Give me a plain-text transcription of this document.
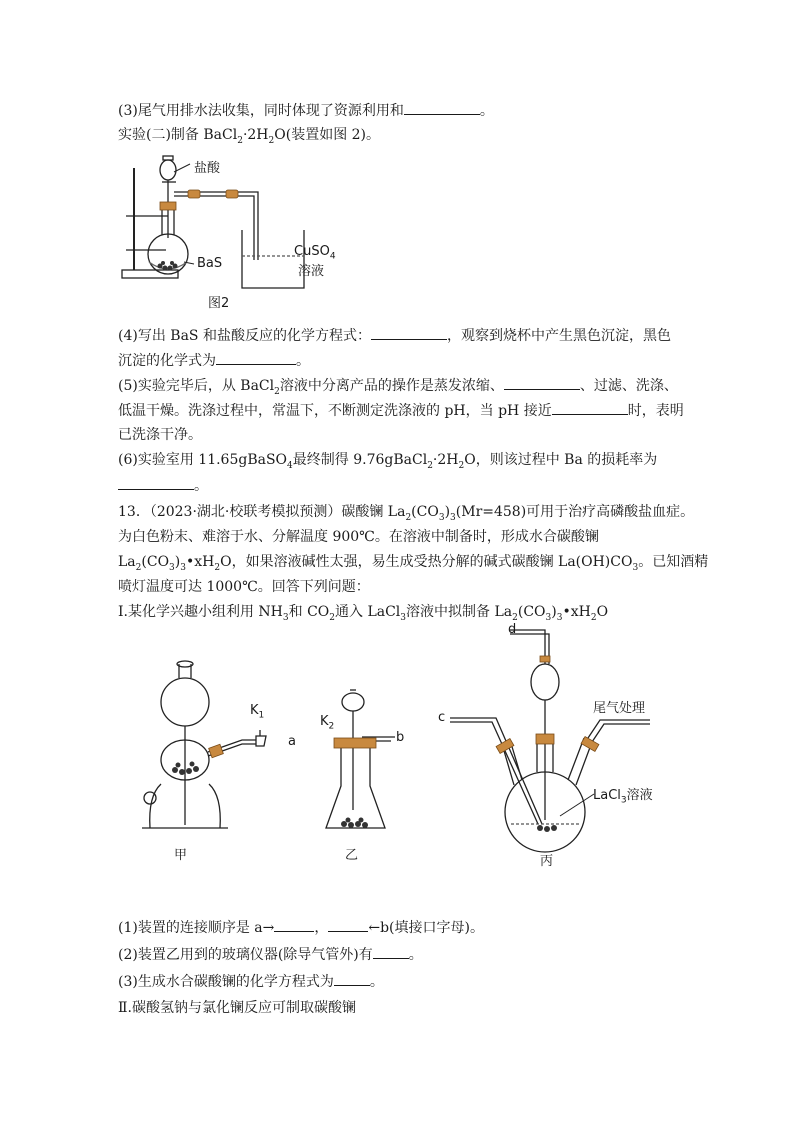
(3)尾气用排水法收集，同时体现了资源利用和	。
实验(二)制备 $BaCl_2\cdot 2H_2O$(装置如图 2)。
盐酸
BaS
CuSO$_4$
溶液
图2
(4)写出 BaS 和盐酸反应的化学方程式：	，观察到烧杯中产生黑色沉淀，黑色
沉淀的化学式为	。
(5)实验完毕后，从 BaCl$_2$溶液中分离产品的操作是蒸发浓缩、	、过滤、洗涤、
低温干燥。洗涤过程中，常温下，不断测定洗涤液的 pH，当 pH 接近	时，表明
已洗涤干净。
(6)实验室用 11.65gBaSO$_4$最终制得 $9.76gBaCl_2\cdot 2H_2O$，则该过程中 Ba 的损耗率为
。
13．（2023·湖北·校联考模拟预测）碳酸镧 $La_2(CO_3)_3(Mr=458)$可用于治疗高磷酸盐血症。
为白色粉末、难溶于水、分解温度 900℃。在溶液中制备时，形成水合碳酸镧
$La_2(CO_3)_3•xH_2O$，如果溶液碱性太强，易生成受热分解的碱式碳酸镧 $La(OH)CO_3$。已知酒精
喷灯温度可达 1000℃。回答下列问题：
Ⅰ.某化学兴趣小组利用 $NH_3$和 $CO_2$通入 LaCl$_3$溶液中拟制备 $La_2(CO_3)_3•xH_2O$
$K_1$
a
$K_2$
b
c
d
尾气处理
LaCl$_3$溶液
甲	乙	丙
(1)装置的连接顺序是 a→	，	←b(填接口字母)。
(2)装置乙用到的玻璃仪器(除导气管外)有	。
(3)生成水合碳酸镧的化学方程式为	。
Ⅱ.碳酸氢钠与氯化镧反应可制取碳酸镧
